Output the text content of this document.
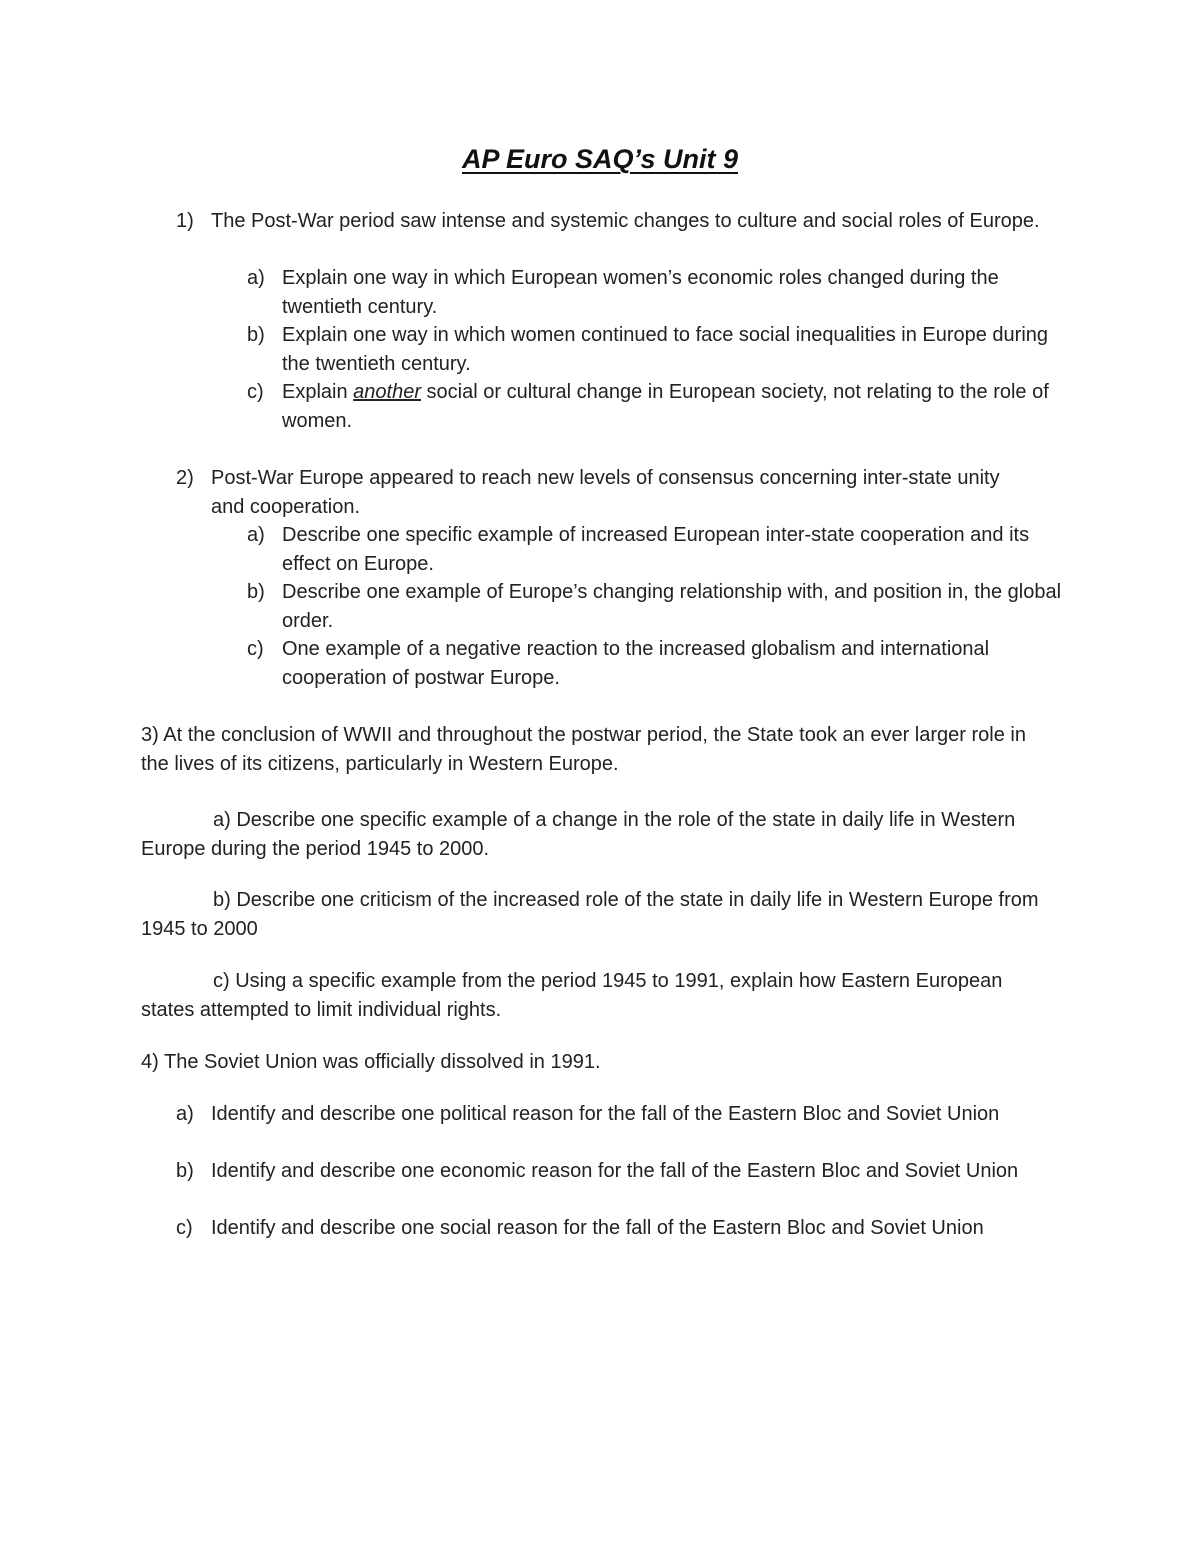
AP Euro SAQ’s Unit 9
1) The Post-War period saw intense and systemic changes to culture and social roles of Europe.
a) Explain one way in which European women’s economic roles changed during the twentieth century.
b) Explain one way in which women continued to face social inequalities in Europe during the twentieth century.
c) Explain another social or cultural change in European society, not relating to the role of women.
2) Post-War Europe appeared to reach new levels of consensus concerning inter-state unity and cooperation.
a) Describe one specific example of increased European inter-state cooperation and its effect on Europe.
b) Describe one example of Europe’s changing relationship with, and position in, the global order.
c) One example of a negative reaction to the increased globalism and international cooperation of postwar Europe.
3) At the conclusion of WWII and throughout the postwar period, the State took an ever larger role in the lives of its citizens, particularly in Western Europe.
a) Describe one specific example of a change in the role of the state in daily life in Western Europe during the period 1945 to 2000.
b) Describe one criticism of the increased role of the state in daily life in Western Europe from 1945 to 2000
c) Using a specific example from the period 1945 to 1991, explain how Eastern European states attempted to limit individual rights.
4) The Soviet Union was officially dissolved in 1991.
a) Identify and describe one political reason for the fall of the Eastern Bloc and Soviet Union
b) Identify and describe one economic reason for the fall of the Eastern Bloc and Soviet Union
c) Identify and describe one social reason for the fall of the Eastern Bloc and Soviet Union
